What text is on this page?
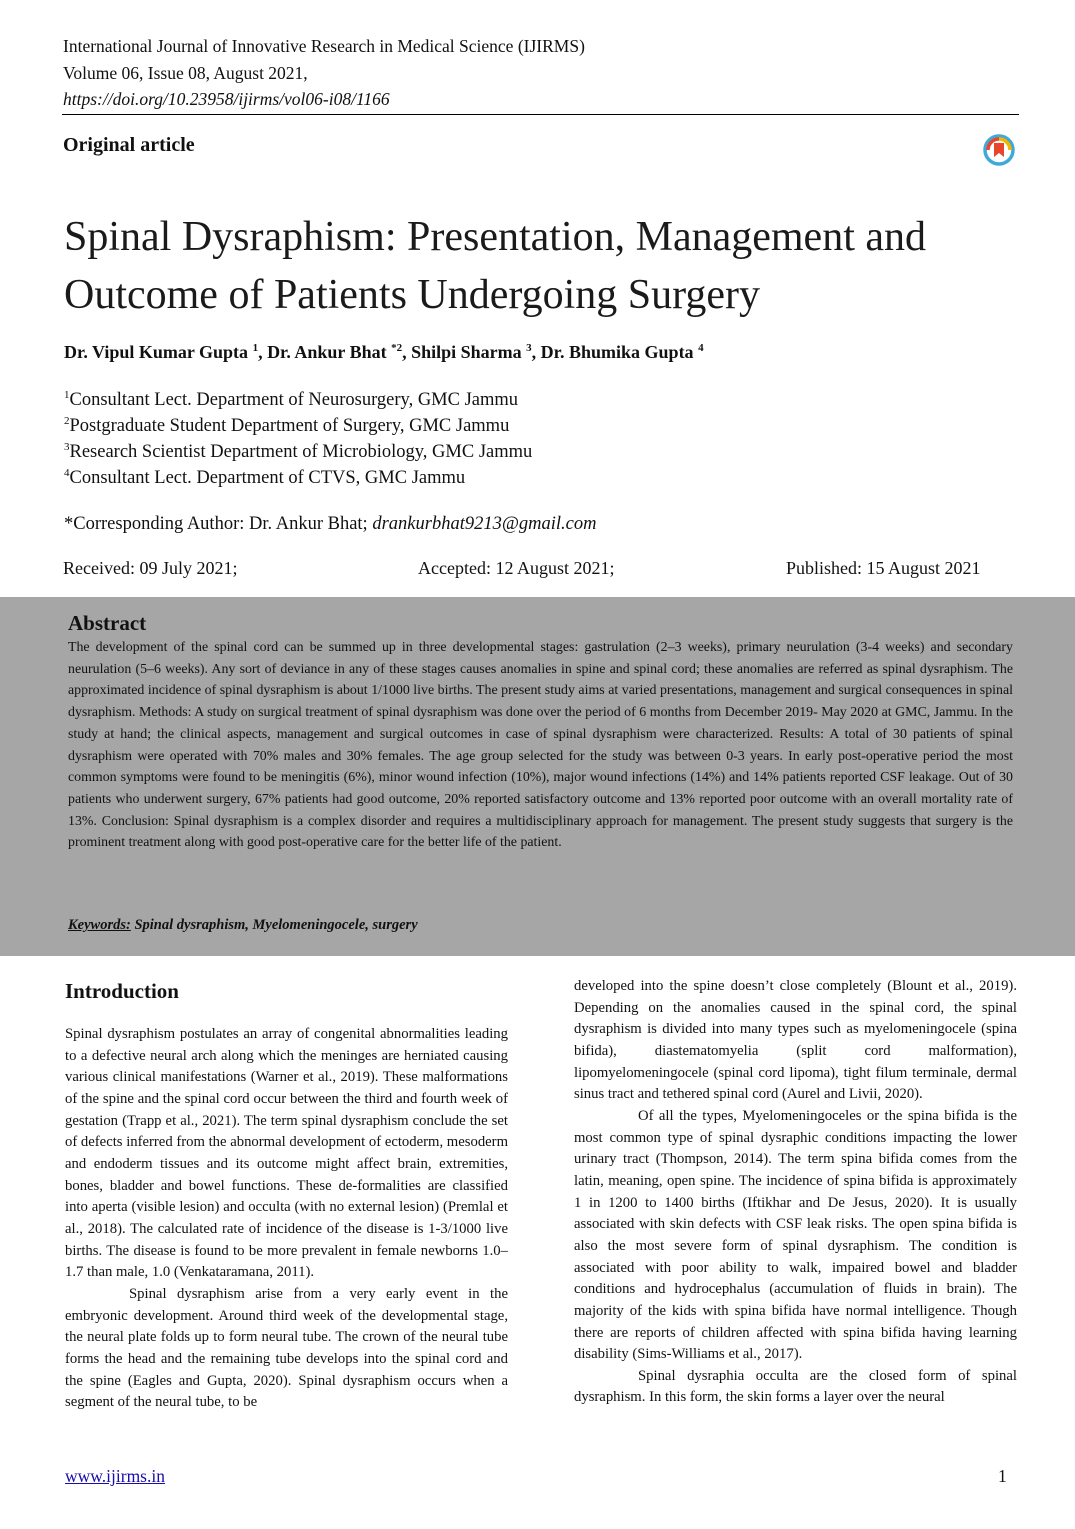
International Journal of Innovative Research in Medical Science (IJIRMS)
Volume 06, Issue 08, August 2021,
https://doi.org/10.23958/ijirms/vol06-i08/1166
Original article
Spinal Dysraphism: Presentation, Management and
Outcome of Patients Undergoing Surgery
Dr. Vipul Kumar Gupta $^1$, Dr. Ankur Bhat $^{*2}$, Shilpi Sharma $^3$, Dr. Bhumika Gupta $^4$
$^1$Consultant Lect. Department of Neurosurgery, GMC Jammu
$^2$Postgraduate Student Department of Surgery, GMC Jammu
$^3$Research Scientist Department of Microbiology, GMC Jammu
$^4$Consultant Lect. Department of CTVS, GMC Jammu
*Corresponding Author: Dr. Ankur Bhat; drankurbhat9213@gmail.com
Received: 09 July 2021;	Accepted: 12 August 2021;	Published: 15 August 2021
Abstract
The development of the spinal cord can be summed up in three developmental stages: gastrulation (2–3 weeks), primary neurulation (3-4 weeks) and secondary neurulation (5–6 weeks). Any sort of deviance in any of these stages causes anomalies in spine and spinal cord; these anomalies are referred as spinal dysraphism. The approximated incidence of spinal dysraphism is about 1/1000 live births. The present study aims at varied presentations, management and surgical consequences in spinal dysraphism. Methods: A study on surgical treatment of spinal dysraphism was done over the period of 6 months from December 2019- May 2020 at GMC, Jammu. In the study at hand; the clinical aspects, management and surgical outcomes in case of spinal dysraphism were characterized. Results: A total of 30 patients of spinal dysraphism were operated with 70% males and 30% females. The age group selected for the study was between 0-3 years. In early post-operative period the most common symptoms were found to be meningitis (6%), minor wound infection (10%), major wound infections (14%) and 14% patients reported CSF leakage. Out of 30 patients who underwent surgery, 67% patients had good outcome, 20% reported satisfactory outcome and 13% reported poor outcome with an overall mortality rate of 13%. Conclusion: Spinal dysraphism is a complex disorder and requires a multidisciplinary approach for management. The present study suggests that surgery is the prominent treatment along with good post-operative care for the better life of the patient.
Keywords: Spinal dysraphism, Myelomeningocele, surgery
Introduction

Spinal dysraphism postulates an array of congenital abnormalities leading to a defective neural arch along which the meninges are herniated causing various clinical manifestations (Warner et al., 2019). These malformations of the spine and the spinal cord occur between the third and fourth week of gestation (Trapp et al., 2021). The term spinal dysraphism conclude the set of defects inferred from the abnormal development of ectoderm, mesoderm and endoderm tissues and its outcome might affect brain, extremities, bones, bladder and bowel functions. These de-formalities are classified into aperta (visible lesion) and occulta (with no external lesion) (Premlal et al., 2018). The calculated rate of incidence of the disease is 1-3/1000 live births. The disease is found to be more prevalent in female newborns 1.0–1.7 than male, 1.0 (Venkataramana, 2011).

Spinal dysraphism arise from a very early event in the embryonic development. Around third week of the developmental stage, the neural plate folds up to form neural tube. The crown of the neural tube forms the head and the remaining tube develops into the spinal cord and the spine (Eagles and Gupta, 2020). Spinal dysraphism occurs when a segment of the neural tube, to be

developed into the spine doesn’t close completely (Blount et al., 2019). Depending on the anomalies caused in the spinal cord, the spinal dysraphism is divided into many types such as myelomeningocele (spina bifida), diastematomyelia (split cord malformation), lipomyelomeningocele (spinal cord lipoma), tight filum terminale, dermal sinus tract and tethered spinal cord (Aurel and Livii, 2020).

Of all the types, Myelomeningoceles or the spina bifida is the most common type of spinal dysraphic conditions impacting the lower urinary tract (Thompson, 2014). The term spina bifida comes from the latin, meaning, open spine. The incidence of spina bifida is approximately 1 in 1200 to 1400 births (Iftikhar and De Jesus, 2020). It is usually associated with skin defects with CSF leak risks. The open spina bifida is also the most severe form of spinal dysraphism. The condition is associated with poor ability to walk, impaired bowel and bladder conditions and hydrocephalus (accumulation of fluids in brain). The majority of the kids with spina bifida have normal intelligence. Though there are reports of children affected with spina bifida having learning disability (Sims-Williams et al., 2017).

Spinal dysraphia occulta are the closed form of spinal dysraphism. In this form, the skin forms a layer over the neural

www.ijirms.in	1
